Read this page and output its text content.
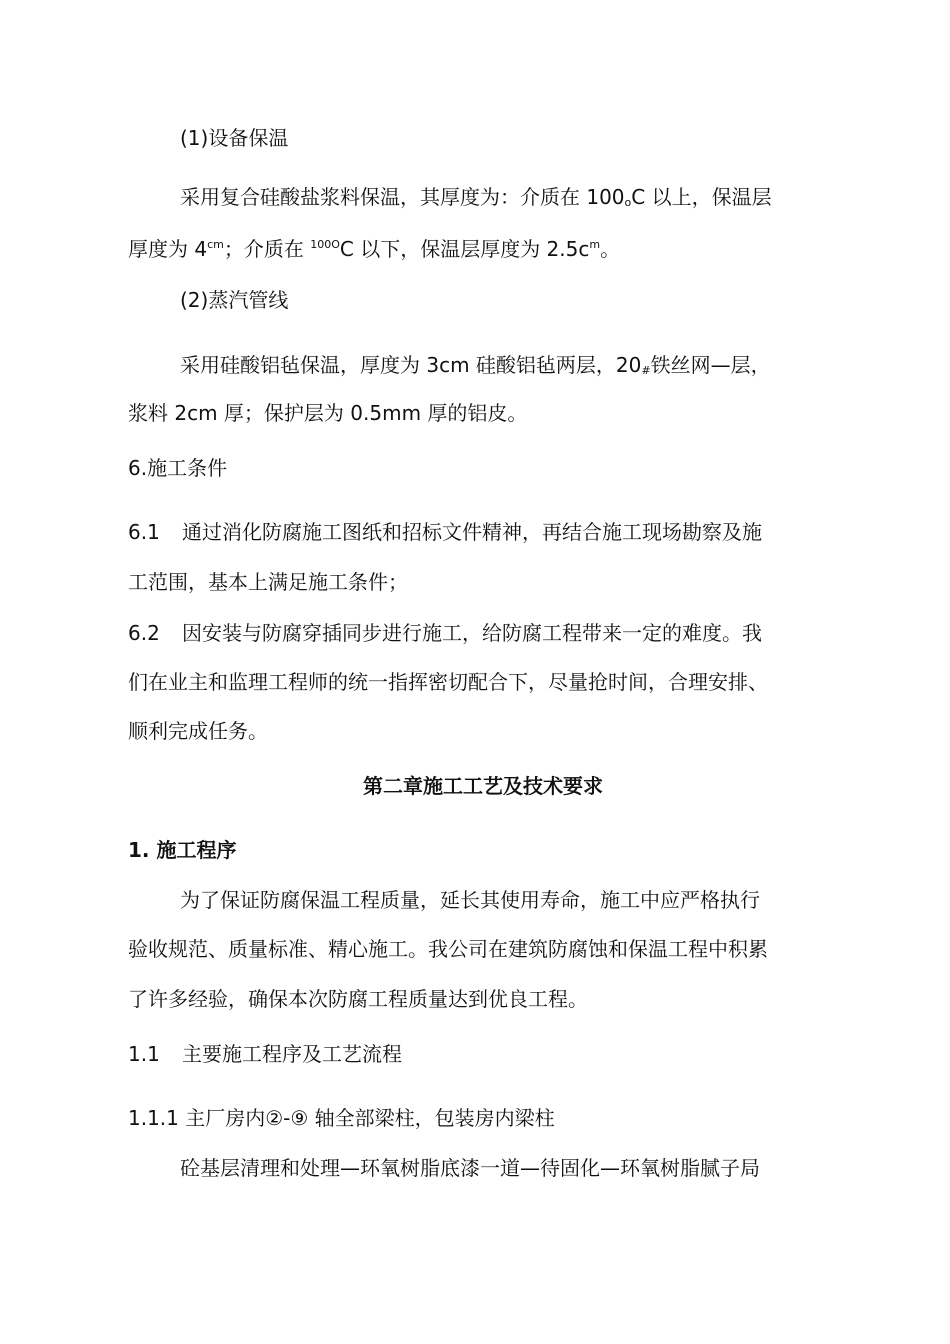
(1)设备保温
采用复合硅酸盐浆料保温，其厚度为：介质在 $100_oC$ 以上，保温层
厚度为 $4^{cm}$；介质在 $^{100O}$C 以下，保温层厚度为 $2.5c^m$。
(2)蒸汽管线
采用硅酸铝毡保温，厚度为 3cm 硅酸铝毡两层，$20_{\#}$铁丝网—层，
浆料 2cm 厚；保护层为 0.5mm 厚的铝皮。
6.施工条件
6.1 通过消化防腐施工图纸和招标文件精神，再结合施工现场勘察及施
工范围，基本上满足施工条件；
6.2 因安装与防腐穿插同步进行施工，给防腐工程带来一定的难度。我
们在业主和监理工程师的统一指挥密切配合下，尽量抢时间，合理安排、
顺利完成任务。
第二章施工工艺及技术要求
1. 施工程序
为了保证防腐保温工程质量，延长其使用寿命，施工中应严格执行
验收规范、质量标准、精心施工。我公司在建筑防腐蚀和保温工程中积累
了许多经验，确保本次防腐工程质量达到优良工程。
1.1 主要施工程序及工艺流程
1.1.1 主厂房内②-⑨ 轴全部梁柱，包装房内梁柱
砼基层清理和处理—环氧树脂底漆一道—待固化—环氧树脂腻子局
